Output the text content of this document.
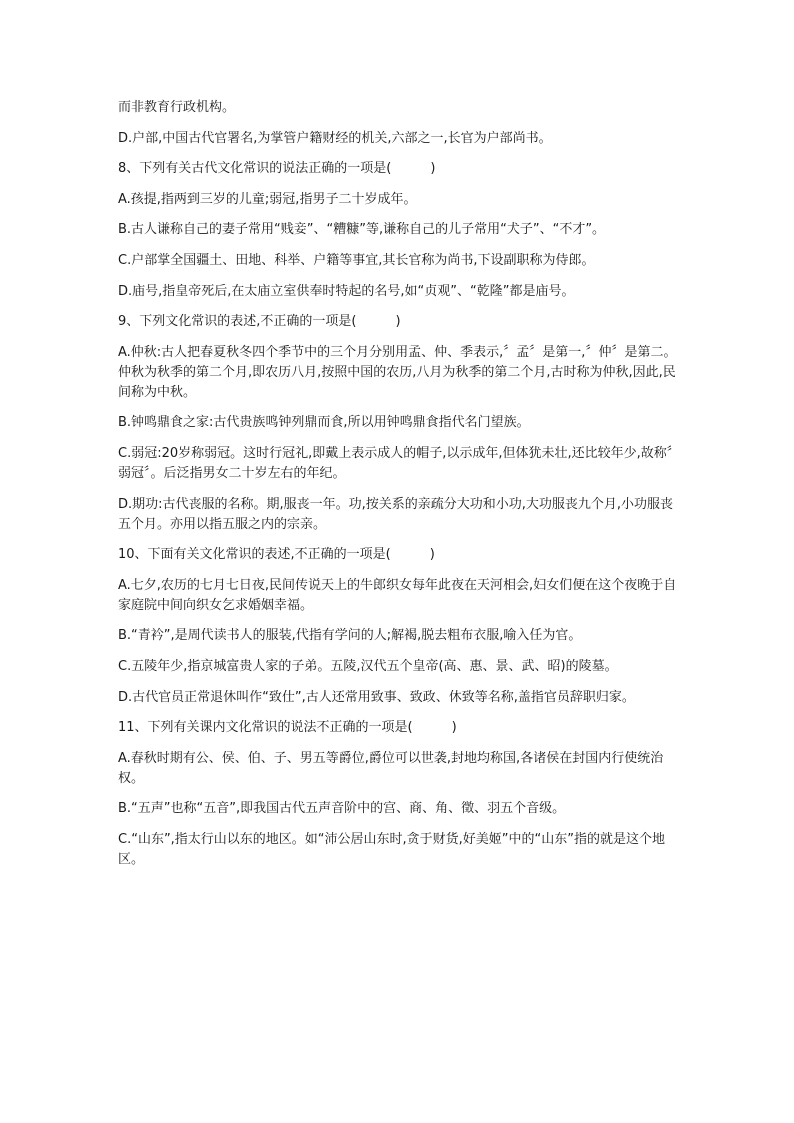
而非教育行政机构。

D.户部,中国古代官署名,为掌管户籍财经的机关,六部之一,长官为户部尚书。

8、下列有关古代文化常识的说法正确的一项是(　　　)

A.孩提,指两到三岁的儿童;弱冠,指男子二十岁成年。

B.古人谦称自己的妻子常用“贱妾”、“糟糠”等,谦称自己的儿子常用“犬子”、“不才”。

C.户部掌全国疆土、田地、科举、户籍等事宜,其长官称为尚书,下设副职称为侍郎。

D.庙号,指皇帝死后,在太庙立室供奉时特起的名号,如“贞观”、“乾隆”都是庙号。

9、下列文化常识的表述,不正确的一项是(　　　)

A.仲秋:古人把春夏秋冬四个季节中的三个月分别用孟、仲、季表示,〞孟〞是第一,〞仲〞是第二。仲秋为秋季的第二个月,即农历八月,按照中国的农历,八月为秋季的第二个月,古时称为仲秋,因此,民间称为中秋。

B.钟鸣鼎食之家:古代贵族鸣钟列鼎而食,所以用钟鸣鼎食指代名门望族。

C.弱冠:20岁称弱冠。这时行冠礼,即戴上表示成人的帽子,以示成年,但体犹未壮,还比较年少,故称〞弱冠〞。后泛指男女二十岁左右的年纪。

D.期功:古代丧服的名称。期,服丧一年。功,按关系的亲疏分大功和小功,大功服丧九个月,小功服丧五个月。亦用以指五服之内的宗亲。

10、下面有关文化常识的表述,不正确的一项是(　　　)

A.七夕,农历的七月七日夜,民间传说天上的牛郎织女每年此夜在天河相会,妇女们便在这个夜晚于自家庭院中间向织女乞求婚姻幸福。

B.“青衿”,是周代读书人的服装,代指有学问的人;解褐,脱去粗布衣服,喻入任为官。

C.五陵年少,指京城富贵人家的子弟。五陵,汉代五个皇帝(高、惠、景、武、昭)的陵墓。

D.古代官员正常退休叫作“致仕”,古人还常用致事、致政、休致等名称,盖指官员辞职归家。

11、下列有关课内文化常识的说法不正确的一项是(　　　)

A.春秋时期有公、侯、伯、子、男五等爵位,爵位可以世袭,封地均称国,各诸侯在封国内行使统治权。

B.“五声”也称“五音”,即我国古代五声音阶中的宫、商、角、徵、羽五个音级。

C.“山东”,指太行山以东的地区。如“沛公居山东时,贪于财货,好美姬”中的“山东”指的就是这个地区。
